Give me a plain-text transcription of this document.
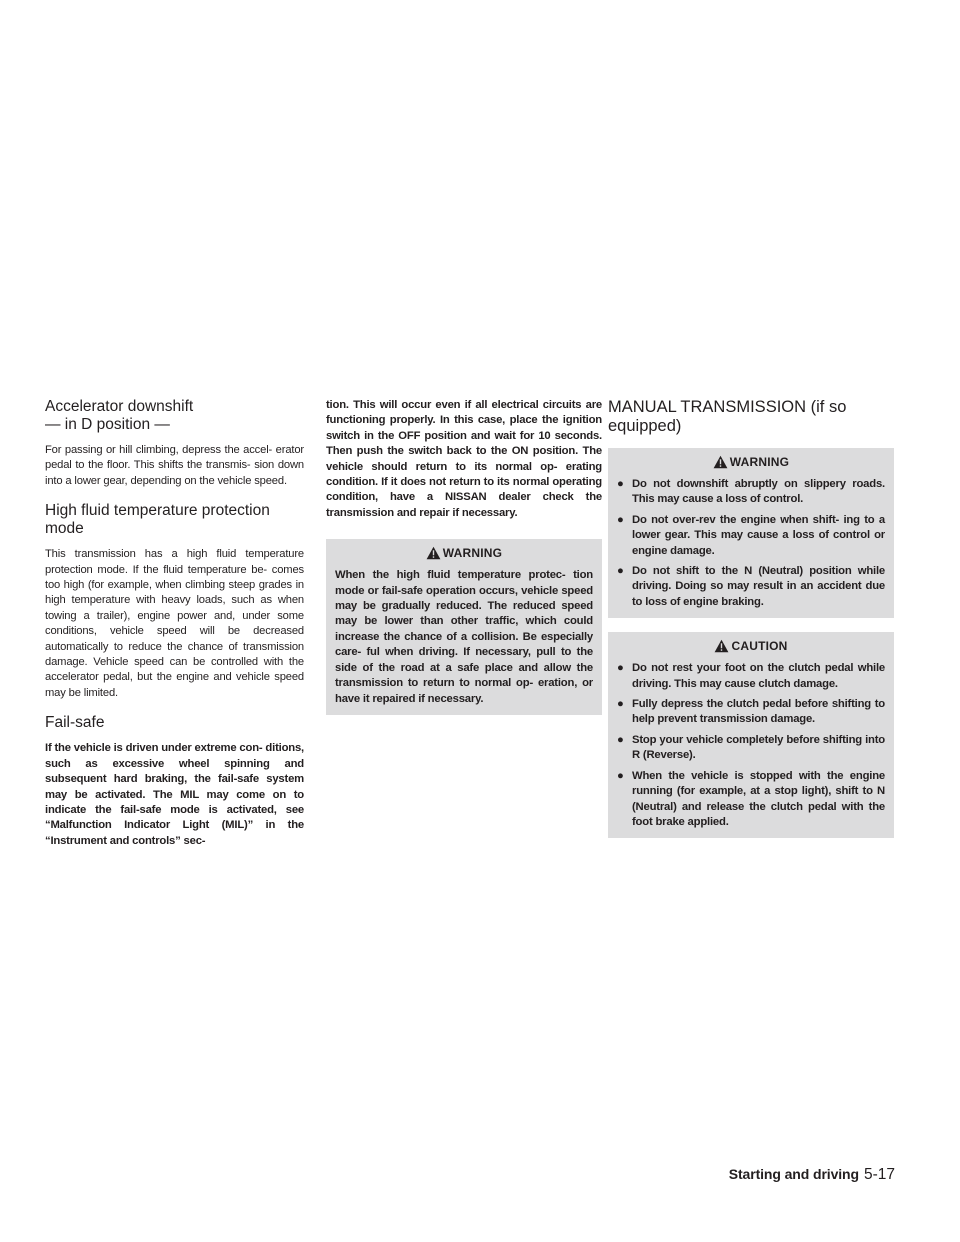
Accelerator downshift
— in D position —

For passing or hill climbing, depress the accel- erator pedal to the floor. This shifts the transmis- sion down into a lower gear, depending on the vehicle speed.

High fluid temperature protection
mode

This transmission has a high fluid temperature protection mode. If the fluid temperature be- comes too high (for example, when climbing steep grades in high temperature with heavy loads, such as when towing a trailer), engine power and, under some conditions, vehicle speed will be decreased automatically to reduce the chance of transmission damage. Vehicle speed can be controlled with the accelerator pedal, but the engine and vehicle speed may be limited.

Fail-safe

If the vehicle is driven under extreme con- ditions, such as excessive wheel spinning and subsequent hard braking, the fail-safe system may be activated. The MIL may come on to indicate the fail-safe mode is activated, see “Malfunction Indicator Light (MIL)” in the “Instrument and controls” sec-

tion. This will occur even if all electrical circuits are functioning properly. In this case, place the ignition switch in the OFF position and wait for 10 seconds. Then push the switch back to the ON position. The vehicle should return to its normal op- erating condition. If it does not return to its normal operating condition, have a NISSAN dealer check the transmission and repair if necessary.

WARNING

When the high fluid temperature protec- tion mode or fail-safe operation occurs, vehicle speed may be gradually reduced. The reduced speed may be lower than other traffic, which could increase the chance of a collision. Be especially care- ful when driving. If necessary, pull to the side of the road at a safe place and allow the transmission to return to normal op- eration, or have it repaired if necessary.

MANUAL TRANSMISSION (if so
equipped)
WARNING
● Do not downshift abruptly on slippery roads. This may cause a loss of control.
● Do not over-rev the engine when shift- ing to a lower gear. This may cause a loss of control or engine damage.
● Do not shift to the N (Neutral) position while driving. Doing so may result in an accident due to loss of engine braking.
CAUTION
● Do not rest your foot on the clutch pedal while driving. This may cause clutch damage.
● Fully depress the clutch pedal before shifting to help prevent transmission damage.
● Stop your vehicle completely before shifting into R (Reverse).
● When the vehicle is stopped with the engine running (for example, at a stop light), shift to N (Neutral) and release the clutch pedal with the foot brake applied.
Starting and driving 5-17
